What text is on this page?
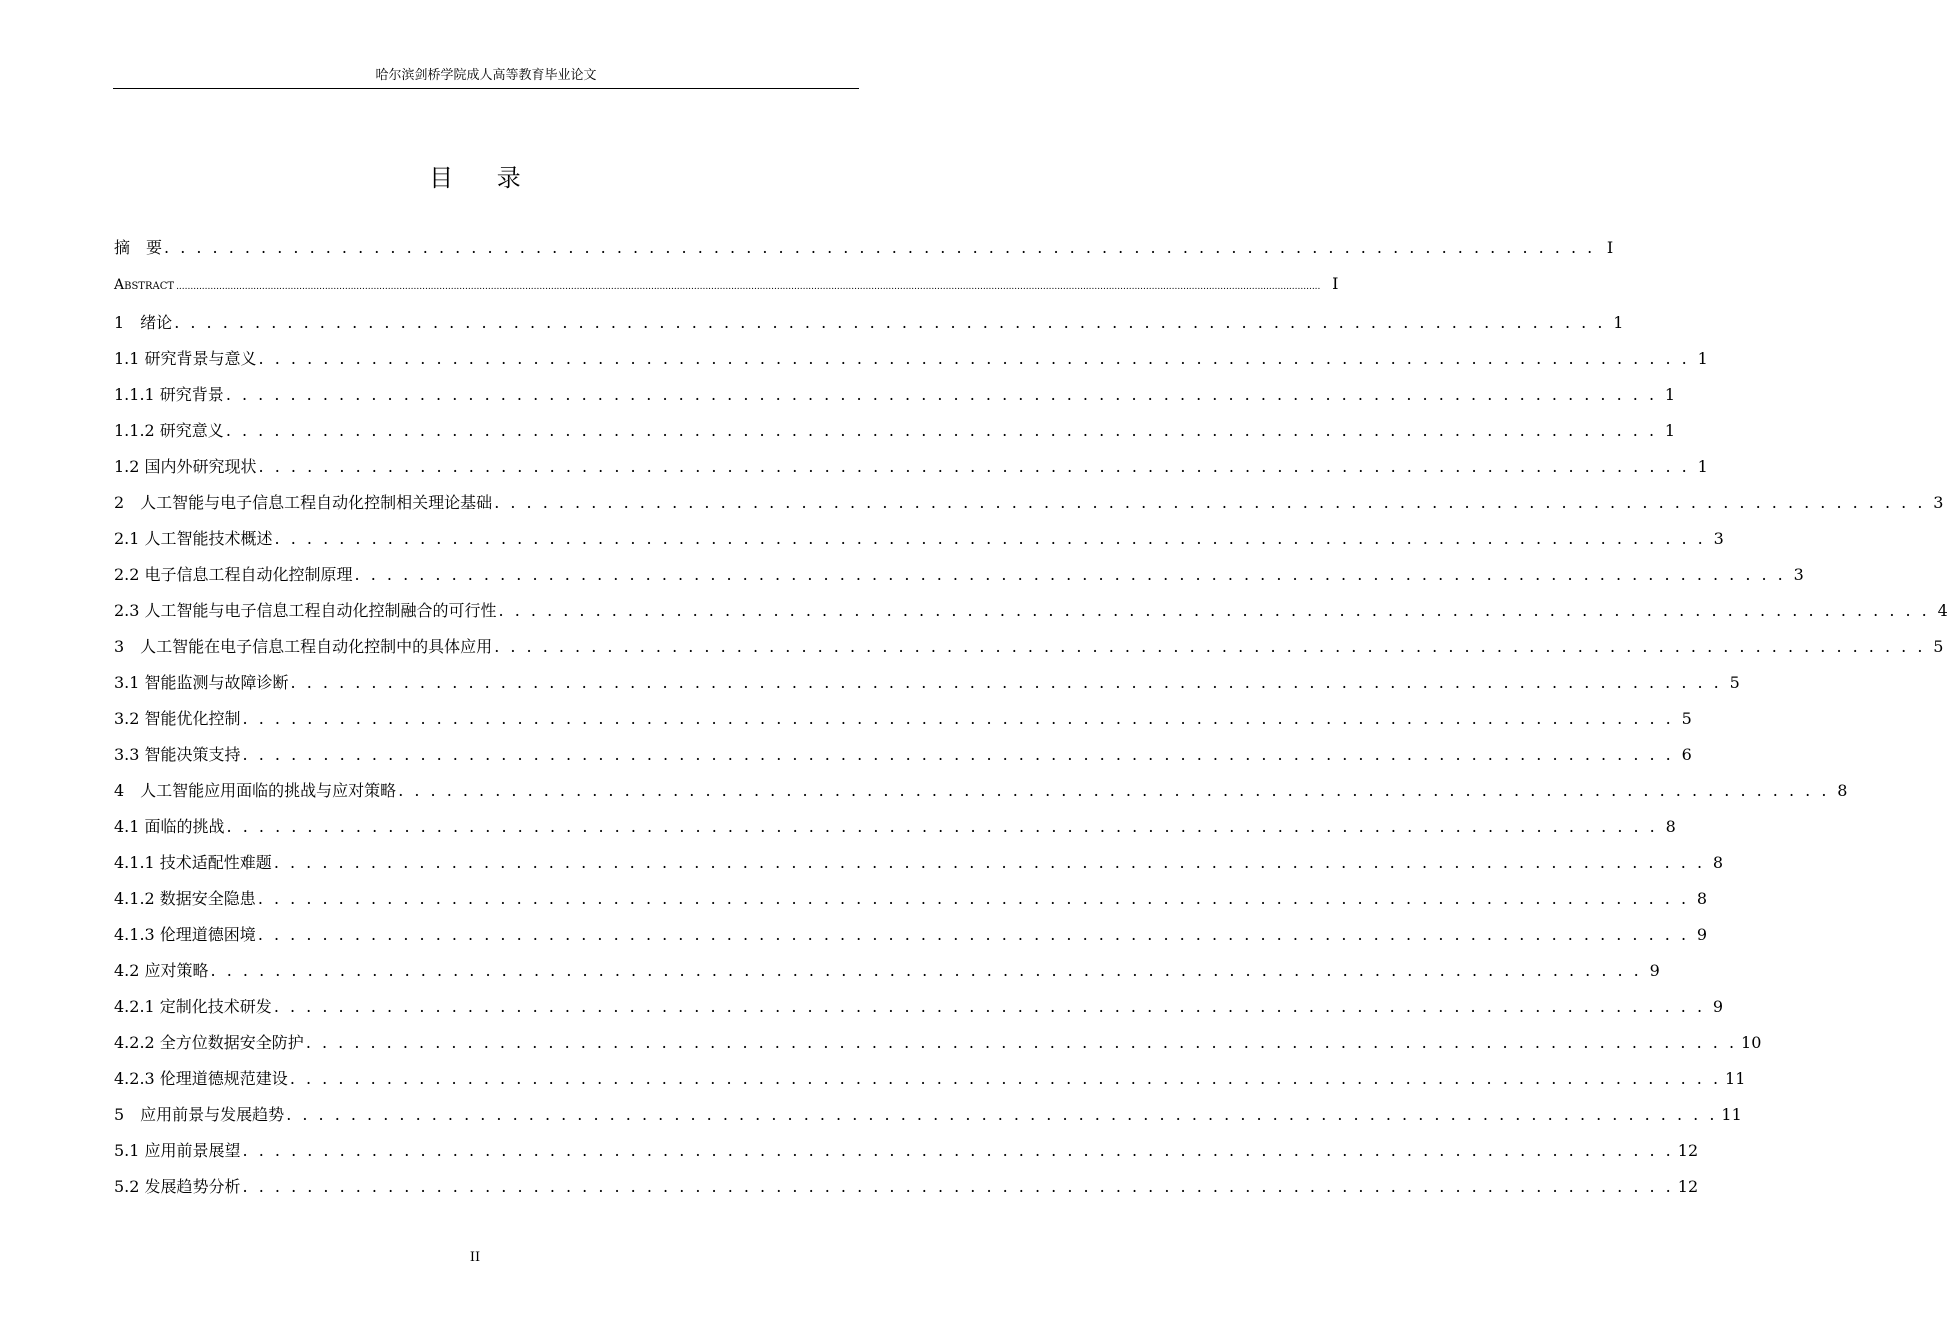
哈尔滨剑桥学院成人高等教育毕业论文
目 录
摘　要 . . . . . . . . . . . . . . . . . . . . . . . . . . . . . . . . . . . . . . . . . . . . . . . . . . . . . . . . . . . . . . . . . . . . . . . . . . . . . . . . . . . . . . . . . I
Abstract ................................................................................................................................................................................................................................................................................................................................................................................................................ I
1　绪论 . . . . . . . . . . . . . . . . . . . . . . . . . . . . . . . . . . . . . . . . . . . . . . . . . . . . . . . . . . . . . . . . . . . . . . . . . . . . . . . . . . . . . . . . . 1
1.1 研究背景与意义 . . . . . . . . . . . . . . . . . . . . . . . . . . . . . . . . . . . . . . . . . . . . . . . . . . . . . . . . . . . . . . . . . . . . . . . . . . . . . . . . . . . . . . . . . 1
1.1.1 研究背景 . . . . . . . . . . . . . . . . . . . . . . . . . . . . . . . . . . . . . . . . . . . . . . . . . . . . . . . . . . . . . . . . . . . . . . . . . . . . . . . . . . . . . . . . . 1
1.1.2 研究意义 . . . . . . . . . . . . . . . . . . . . . . . . . . . . . . . . . . . . . . . . . . . . . . . . . . . . . . . . . . . . . . . . . . . . . . . . . . . . . . . . . . . . . . . . . 1
1.2 国内外研究现状 . . . . . . . . . . . . . . . . . . . . . . . . . . . . . . . . . . . . . . . . . . . . . . . . . . . . . . . . . . . . . . . . . . . . . . . . . . . . . . . . . . . . . . . . . 1
2　人工智能与电子信息工程自动化控制相关理论基础 . . . . . . . . . . . . . . . . . . . . . . . . . . . . . . . . . . . . . . . . . . . . . . . . . . . . . . . . . . . . . . . . . . . . . . . . . . . . . . . . . . . . . . . . . 3
2.1 人工智能技术概述 . . . . . . . . . . . . . . . . . . . . . . . . . . . . . . . . . . . . . . . . . . . . . . . . . . . . . . . . . . . . . . . . . . . . . . . . . . . . . . . . . . . . . . . . . 3
2.2 电子信息工程自动化控制原理 . . . . . . . . . . . . . . . . . . . . . . . . . . . . . . . . . . . . . . . . . . . . . . . . . . . . . . . . . . . . . . . . . . . . . . . . . . . . . . . . . . . . . . . . . 3
2.3 人工智能与电子信息工程自动化控制融合的可行性 . . . . . . . . . . . . . . . . . . . . . . . . . . . . . . . . . . . . . . . . . . . . . . . . . . . . . . . . . . . . . . . . . . . . . . . . . . . . . . . . . . . . . . . . . 4
3　人工智能在电子信息工程自动化控制中的具体应用 . . . . . . . . . . . . . . . . . . . . . . . . . . . . . . . . . . . . . . . . . . . . . . . . . . . . . . . . . . . . . . . . . . . . . . . . . . . . . . . . . . . . . . . . . 5
3.1 智能监测与故障诊断 . . . . . . . . . . . . . . . . . . . . . . . . . . . . . . . . . . . . . . . . . . . . . . . . . . . . . . . . . . . . . . . . . . . . . . . . . . . . . . . . . . . . . . . . . 5
3.2 智能优化控制 . . . . . . . . . . . . . . . . . . . . . . . . . . . . . . . . . . . . . . . . . . . . . . . . . . . . . . . . . . . . . . . . . . . . . . . . . . . . . . . . . . . . . . . . . 5
3.3 智能决策支持 . . . . . . . . . . . . . . . . . . . . . . . . . . . . . . . . . . . . . . . . . . . . . . . . . . . . . . . . . . . . . . . . . . . . . . . . . . . . . . . . . . . . . . . . . 6
4　人工智能应用面临的挑战与应对策略 . . . . . . . . . . . . . . . . . . . . . . . . . . . . . . . . . . . . . . . . . . . . . . . . . . . . . . . . . . . . . . . . . . . . . . . . . . . . . . . . . . . . . . . . . 8
4.1 面临的挑战 . . . . . . . . . . . . . . . . . . . . . . . . . . . . . . . . . . . . . . . . . . . . . . . . . . . . . . . . . . . . . . . . . . . . . . . . . . . . . . . . . . . . . . . . . 8
4.1.1 技术适配性难题 . . . . . . . . . . . . . . . . . . . . . . . . . . . . . . . . . . . . . . . . . . . . . . . . . . . . . . . . . . . . . . . . . . . . . . . . . . . . . . . . . . . . . . . . . 8
4.1.2 数据安全隐患 . . . . . . . . . . . . . . . . . . . . . . . . . . . . . . . . . . . . . . . . . . . . . . . . . . . . . . . . . . . . . . . . . . . . . . . . . . . . . . . . . . . . . . . . . 8
4.1.3 伦理道德困境 . . . . . . . . . . . . . . . . . . . . . . . . . . . . . . . . . . . . . . . . . . . . . . . . . . . . . . . . . . . . . . . . . . . . . . . . . . . . . . . . . . . . . . . . . 9
4.2 应对策略 . . . . . . . . . . . . . . . . . . . . . . . . . . . . . . . . . . . . . . . . . . . . . . . . . . . . . . . . . . . . . . . . . . . . . . . . . . . . . . . . . . . . . . . . . 9
4.2.1 定制化技术研发 . . . . . . . . . . . . . . . . . . . . . . . . . . . . . . . . . . . . . . . . . . . . . . . . . . . . . . . . . . . . . . . . . . . . . . . . . . . . . . . . . . . . . . . . . 9
4.2.2 全方位数据安全防护 . . . . . . . . . . . . . . . . . . . . . . . . . . . . . . . . . . . . . . . . . . . . . . . . . . . . . . . . . . . . . . . . . . . . . . . . . . . . . . . . . . . . . . . . . 10
4.2.3 伦理道德规范建设 . . . . . . . . . . . . . . . . . . . . . . . . . . . . . . . . . . . . . . . . . . . . . . . . . . . . . . . . . . . . . . . . . . . . . . . . . . . . . . . . . . . . . . . . . 11
5　应用前景与发展趋势 . . . . . . . . . . . . . . . . . . . . . . . . . . . . . . . . . . . . . . . . . . . . . . . . . . . . . . . . . . . . . . . . . . . . . . . . . . . . . . . . . . . . . . . . . 11
5.1 应用前景展望 . . . . . . . . . . . . . . . . . . . . . . . . . . . . . . . . . . . . . . . . . . . . . . . . . . . . . . . . . . . . . . . . . . . . . . . . . . . . . . . . . . . . . . . . . 12
5.2 发展趋势分析 . . . . . . . . . . . . . . . . . . . . . . . . . . . . . . . . . . . . . . . . . . . . . . . . . . . . . . . . . . . . . . . . . . . . . . . . . . . . . . . . . . . . . . . . . 12
II
